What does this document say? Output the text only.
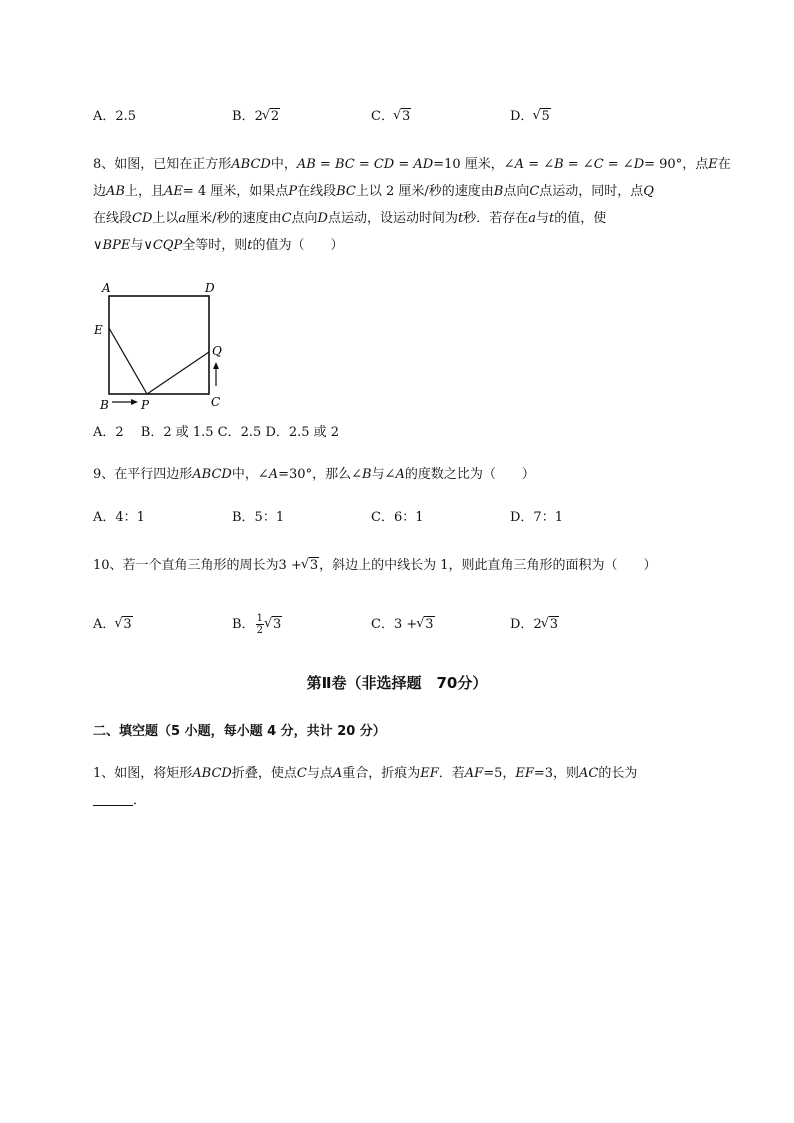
A．2.5	B．2 √ 2	C． √ 3	D． √ 5
8、如图，已知在正方形ABCD中，AB = BC = CD = AD=10 厘米，∠A = ∠B = ∠C = ∠D= 90°，点E在
边AB上，且AE= 4 厘米，如果点P在线段BC上以 2 厘米/秒的速度由B点向C点运动，同时，点Q
在线段CD上以a厘米/秒的速度由C点向D点运动，设运动时间为t秒．若存在a与t的值，使
∨BPE与∨CQP全等时，则t的值为（　　）
A	D
E
Q
B	P	C
A．2　 B．2 或 1.5 C．2.5 D．2.5 或 2
9、在平行四边形ABCD中，∠A=30°，那么∠B与∠A的度数之比为（　　）
A．4：1	B．5：1	C．6：1	D．7：1
10、若一个直角三角形的周长为3 + √ 3，斜边上的中线长为 1，则此直角三角形的面积为（　　）
A． √ 3	B． $\frac{1}{2}$ √ 3	C．3 + √ 3	D．2 √ 3
第Ⅱ卷（非选择题　70分）
二、填空题（5 小题，每小题 4 分，共计 20 分）
1、如图，将矩形ABCD折叠，使点C与点A重合，折痕为EF．若AF=5，EF=3，则AC的长为
．
